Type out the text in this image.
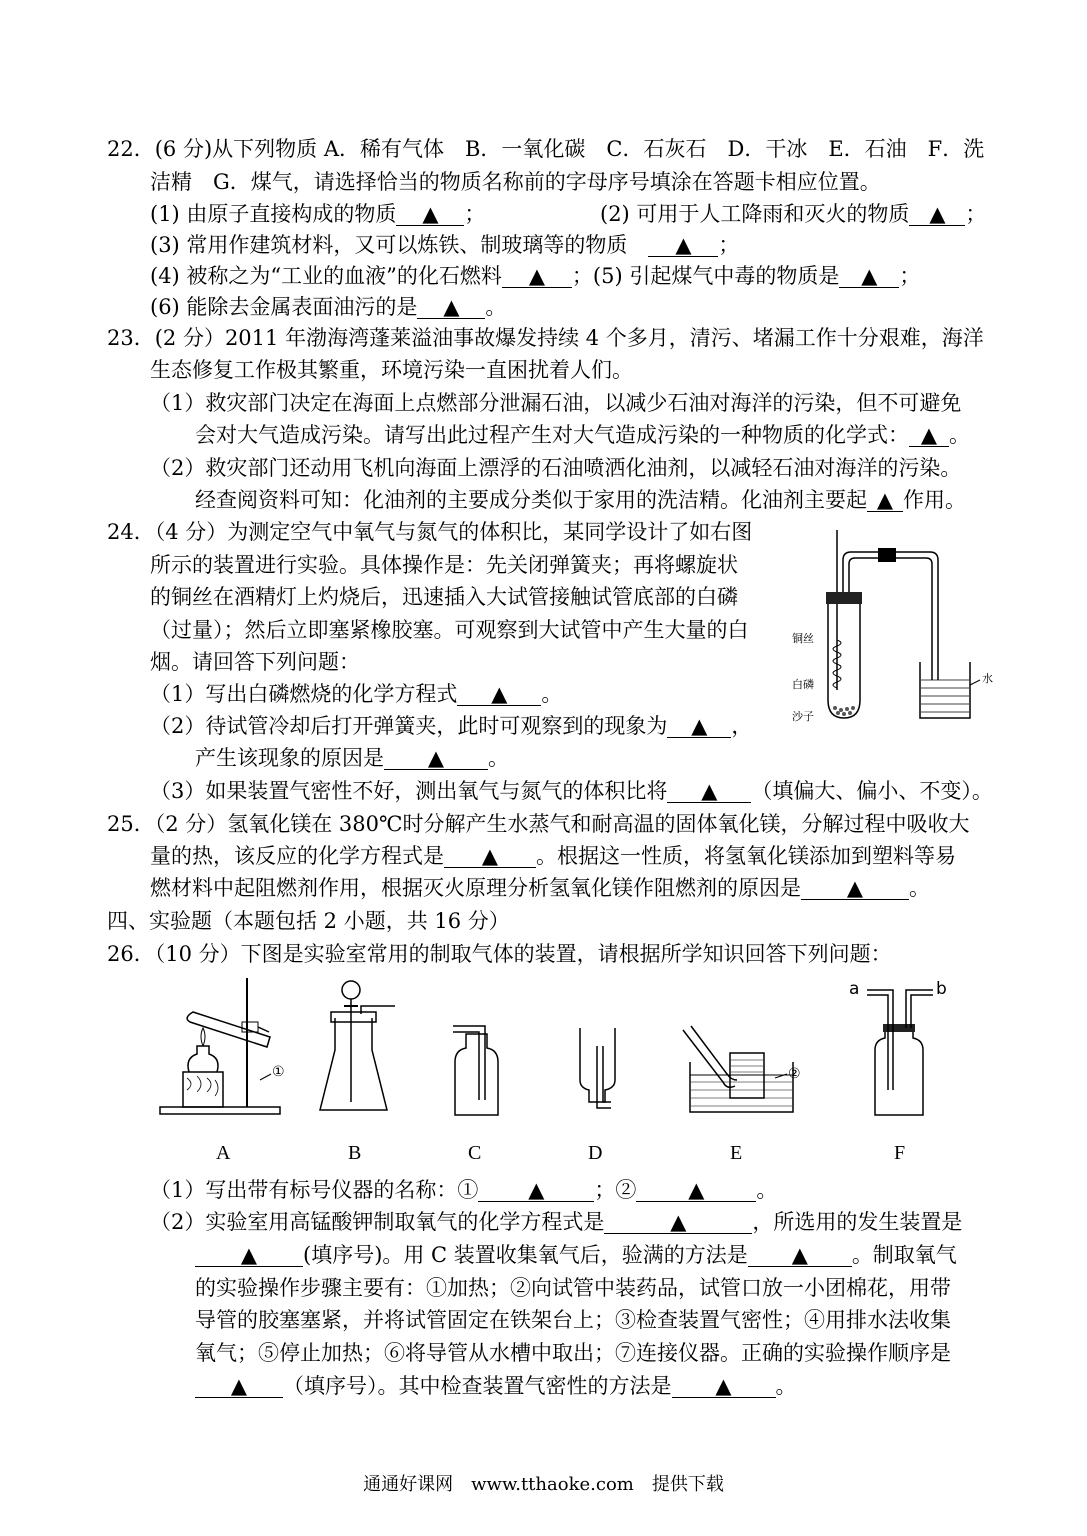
22．(6 分)从下列物质 A．稀有气体　B．一氧化碳　C．石灰石　D．干冰　E．石油　F．洗
洁精　G．煤气，请选择恰当的物质名称前的字母序号填涂在答题卡相应位置。
(1) 由原子直接构成的物质 ▲ ；	(2) 可用于人工降雨和灭火的物质 ▲ ；
(3) 常用作建筑材料，又可以炼铁、制玻璃等的物质　 ▲ ；
(4) 被称之为“工业的血液”的化石燃料 ▲ ；(5) 引起煤气中毒的物质是 ▲ ；
(6) 能除去金属表面油污的是 ▲ 。
23．(2 分）2011 年渤海湾蓬莱溢油事故爆发持续 4 个多月，清污、堵漏工作十分艰难，海洋
生态修复工作极其繁重，环境污染一直困扰着人们。
（1）救灾部门决定在海面上点燃部分泄漏石油，以减少石油对海洋的污染，但不可避免
会对大气造成污染。请写出此过程产生对大气造成污染的一种物质的化学式： ▲ 。
（2）救灾部门还动用飞机向海面上漂浮的石油喷洒化油剂，以减轻石油对海洋的污染。
经查阅资料可知：化油剂的主要成分类似于家用的洗洁精。化油剂主要起 ▲ 作用。
24．（4 分）为测定空气中氧气与氮气的体积比，某同学设计了如右图
所示的装置进行实验。具体操作是：先关闭弹簧夹；再将螺旋状
的铜丝在酒精灯上灼烧后，迅速插入大试管接触试管底部的白磷
（过量）；然后立即塞紧橡胶塞。可观察到大试管中产生大量的白
烟。请回答下列问题：
（1）写出白磷燃烧的化学方程式 ▲ 。
（2）待试管冷却后打开弹簧夹，此时可观察到的现象为 ▲ ，
产生该现象的原因是 ▲ 。
（3）如果装置气密性不好，测出氧气与氮气的体积比将 ▲ （填偏大、偏小、不变）。
铜丝
白磷
沙子
水
25．（2 分）氢氧化镁在 380℃时分解产生水蒸气和耐高温的固体氧化镁，分解过程中吸收大
量的热，该反应的化学方程式是 ▲ 。根据这一性质，将氢氧化镁添加到塑料等易
燃材料中起阻燃剂作用，根据灭火原理分析氢氧化镁作阻燃剂的原因是 ▲ 。
四、实验题（本题包括 2 小题，共 16 分）
26．（10 分）下图是实验室常用的制取气体的装置，请根据所学知识回答下列问题：
①	②
a	b
A	B	C	D	E	F
（1）写出带有标号仪器的名称：① ▲ ；② ▲ 。
（2）实验室用高锰酸钾制取氧气的化学方程式是	▲	，所选用的发生装置是
▲ (填序号)。用 C 装置收集氧气后，验满的方法是 ▲ 。制取氧气
的实验操作步骤主要有：①加热；②向试管中装药品，试管口放一小团棉花，用带
导管的胶塞塞紧，并将试管固定在铁架台上；③检查装置气密性；④用排水法收集
氧气；⑤停止加热；⑥将导管从水槽中取出；⑦连接仪器。正确的实验操作顺序是
▲ （填序号）。其中检查装置气密性的方法是 ▲ 。
通通好课网　www.tthaoke.com　提供下载
